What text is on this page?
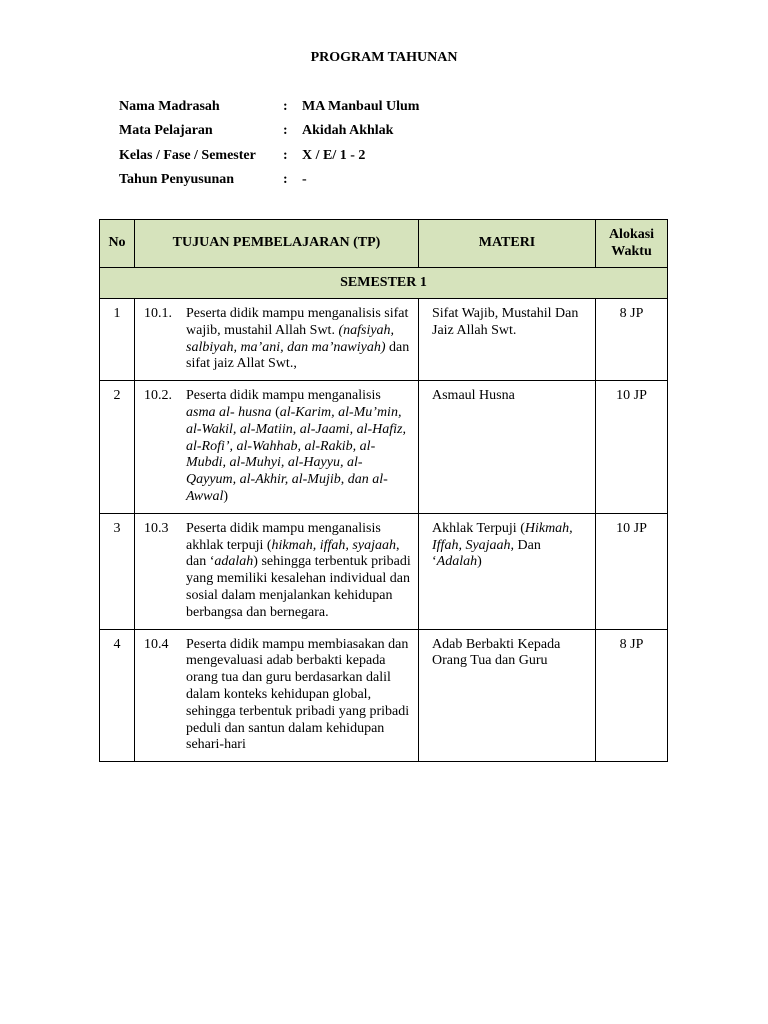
PROGRAM TAHUNAN
Nama Madrasah	:	MA Manbaul Ulum
Mata Pelajaran	:	Akidah Akhlak
Kelas / Fase / Semester	:	X / E/ 1 - 2
Tahun Penyusunan	:	-
No	TUJUAN PEMBELAJARAN (TP)	MATERI	Alokasi
Waktu
SEMESTER 1			
1	10.1. Peserta didik mampu menganalisis sifat wajib, mustahil Allah Swt. (nafsiyah, salbiyah, ma’ani, dan ma’nawiyah) dan sifat jaiz Allat Swt.,	Sifat Wajib, Mustahil Dan Jaiz Allah Swt.	8 JP
2	10.2. Peserta didik mampu menganalisis asma al- husna (al-Karim, al-Mu’min, al-Wakil, al-Matiin, al-Jaami, al-Hafiz, al-Rofi’, al-Wahhab, al-Rakib, al- Mubdi, al-Muhyi, al-Hayyu, al-Qayyum, al-Akhir, al-Mujib, dan al-Awwal)	Asmaul Husna	10 JP
3	10.3 Peserta didik mampu menganalisis akhlak terpuji (hikmah, iffah, syajaah, dan ‘adalah) sehingga terbentuk pribadi yang memiliki kesalehan individual dan sosial dalam menjalankan kehidupan berbangsa dan bernegara.	Akhlak Terpuji (Hikmah, Iffah, Syajaah, Dan ‘Adalah)	10 JP
4	10.4 Peserta didik mampu membiasakan dan mengevaluasi adab berbakti kepada orang tua dan guru berdasarkan dalil dalam konteks kehidupan global, sehingga terbentuk pribadi yang pribadi peduli dan santun dalam kehidupan sehari-hari	Adab Berbakti Kepada Orang Tua dan Guru	8 JP
